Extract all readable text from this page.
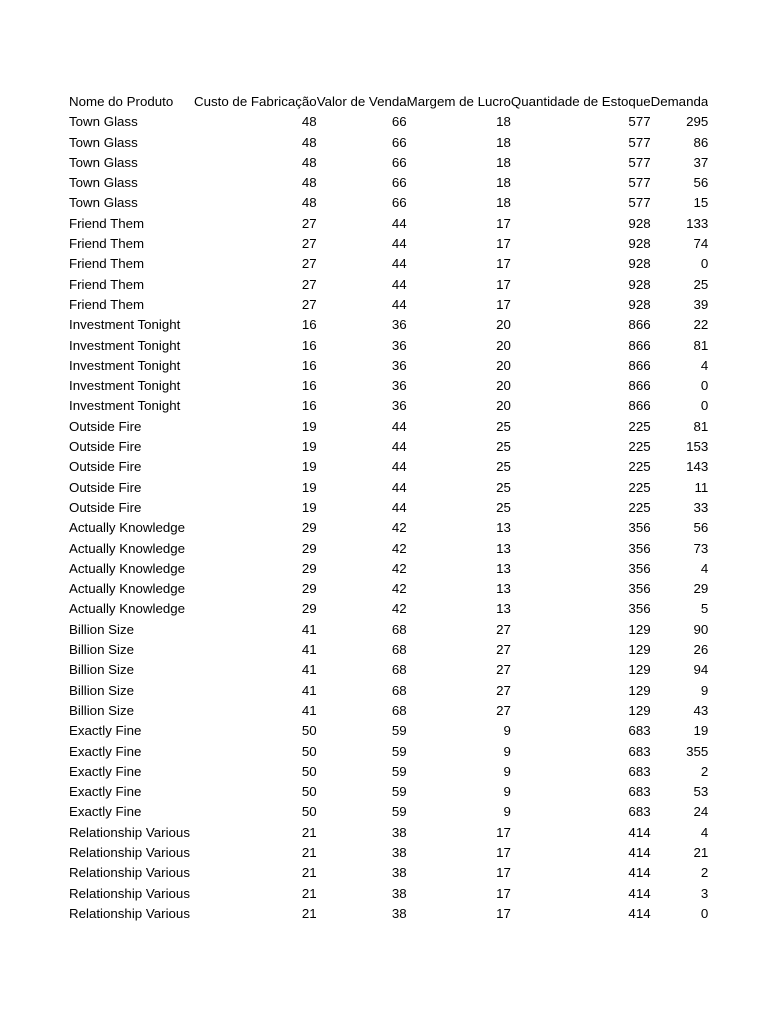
Nome do Produto	Custo de Fabricação	Valor de Venda	Margem de Lucro	Quantidade de Estoque	Demanda
Town Glass	48	66	18	577	295
Town Glass	48	66	18	577	86
Town Glass	48	66	18	577	37
Town Glass	48	66	18	577	56
Town Glass	48	66	18	577	15
Friend Them	27	44	17	928	133
Friend Them	27	44	17	928	74
Friend Them	27	44	17	928	0
Friend Them	27	44	17	928	25
Friend Them	27	44	17	928	39
Investment Tonight	16	36	20	866	22
Investment Tonight	16	36	20	866	81
Investment Tonight	16	36	20	866	4
Investment Tonight	16	36	20	866	0
Investment Tonight	16	36	20	866	0
Outside Fire	19	44	25	225	81
Outside Fire	19	44	25	225	153
Outside Fire	19	44	25	225	143
Outside Fire	19	44	25	225	11
Outside Fire	19	44	25	225	33
Actually Knowledge	29	42	13	356	56
Actually Knowledge	29	42	13	356	73
Actually Knowledge	29	42	13	356	4
Actually Knowledge	29	42	13	356	29
Actually Knowledge	29	42	13	356	5
Billion Size	41	68	27	129	90
Billion Size	41	68	27	129	26
Billion Size	41	68	27	129	94
Billion Size	41	68	27	129	9
Billion Size	41	68	27	129	43
Exactly Fine	50	59	9	683	19
Exactly Fine	50	59	9	683	355
Exactly Fine	50	59	9	683	2
Exactly Fine	50	59	9	683	53
Exactly Fine	50	59	9	683	24
Relationship Various	21	38	17	414	4
Relationship Various	21	38	17	414	21
Relationship Various	21	38	17	414	2
Relationship Various	21	38	17	414	3
Relationship Various	21	38	17	414	0
